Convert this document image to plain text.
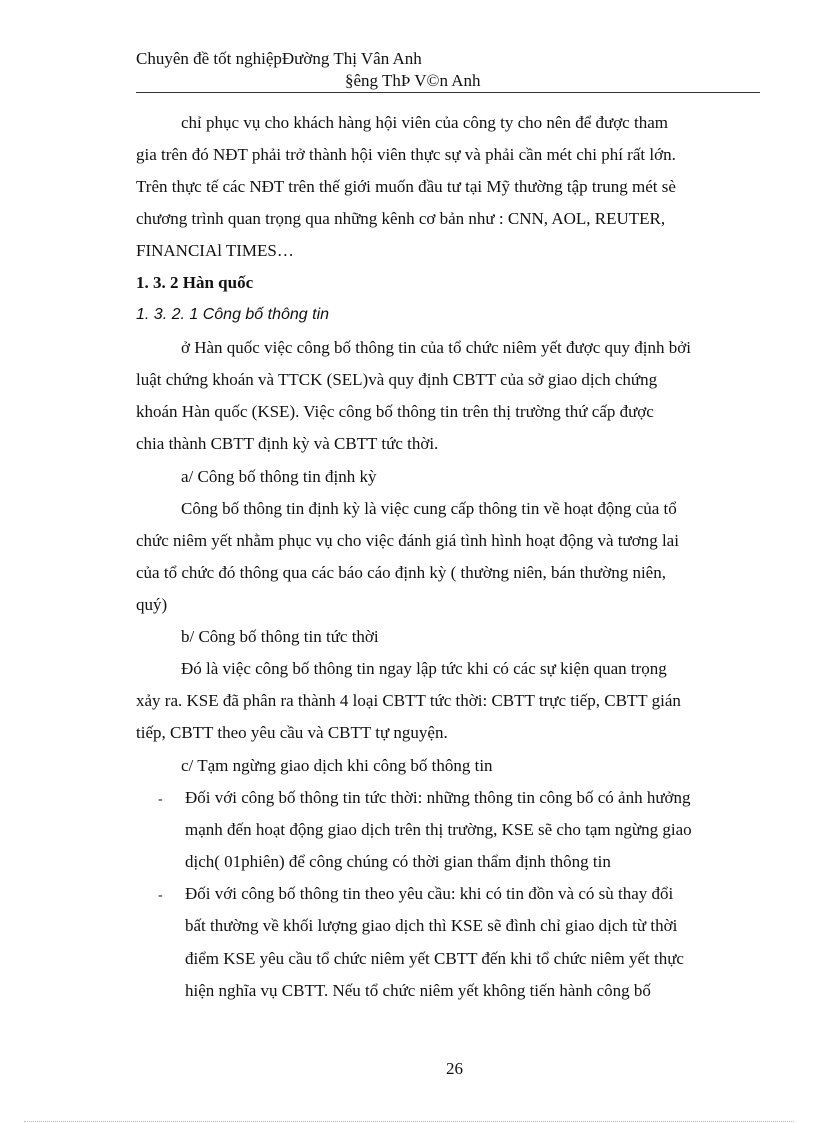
Chuyên đề tốt nghiệpĐường Thị Vân Anh
§êng ThÞ V©n Anh
chỉ phục vụ cho khách hàng hội viên của công ty cho nên để được tham
gia trên đó NĐT phải trở thành hội viên thực sự và phải cần mét chi phí rất lớn.
Trên thực tế các NĐT trên thế giới muốn đầu tư tại Mỹ thường tập trung mét sè
chương trình quan trọng qua những kênh cơ bản như : CNN, AOL, REUTER,
FINANCIAl TIMES…
1. 3. 2 Hàn quốc
1. 3. 2. 1 Công bố thông tin
ở Hàn quốc việc công bố thông tin của tổ chức niêm yết được quy định bởi
luật chứng khoán và TTCK (SEL)và quy định CBTT của sở giao dịch chứng
khoán Hàn quốc (KSE). Việc công bố thông tin trên thị trường thứ cấp được
chia thành CBTT định kỳ và CBTT tức thời.
a/ Công bố thông tin định kỳ
Công bố thông tin định kỳ là việc cung cấp thông tin về hoạt động của tổ
chức niêm yết nhằm phục vụ cho việc đánh giá tình hình hoạt động và tương lai
của tổ chức đó thông qua các báo cáo định kỳ ( thường niên, bán thường niên,
quý)
b/ Công bố thông tin tức thời
Đó là việc công bố thông tin ngay lập tức khi có các sự kiện quan trọng
xảy ra. KSE đã phân ra thành 4 loại CBTT tức thời: CBTT trực tiếp, CBTT gián
tiếp, CBTT theo yêu cầu và CBTT tự nguyện.
c/ Tạm ngừng giao dịch khi công bố thông tin
- Đối với công bố thông tin tức thời: những thông tin công bố có ảnh hưởng
mạnh đến hoạt động giao dịch trên thị trường, KSE sẽ cho tạm ngừng giao
dịch( 01phiên) để công chúng có thời gian thẩm định thông tin
- Đối với công bố thông tin theo yêu cầu: khi có tin đồn và có sù thay đổi
bất thường về khối lượng giao dịch thì KSE sẽ đình chỉ giao dịch từ thời
điểm KSE yêu cầu tổ chức niêm yết CBTT đến khi tổ chức niêm yết thực
hiện nghĩa vụ CBTT. Nếu tổ chức niêm yết không tiến hành công bố
26
